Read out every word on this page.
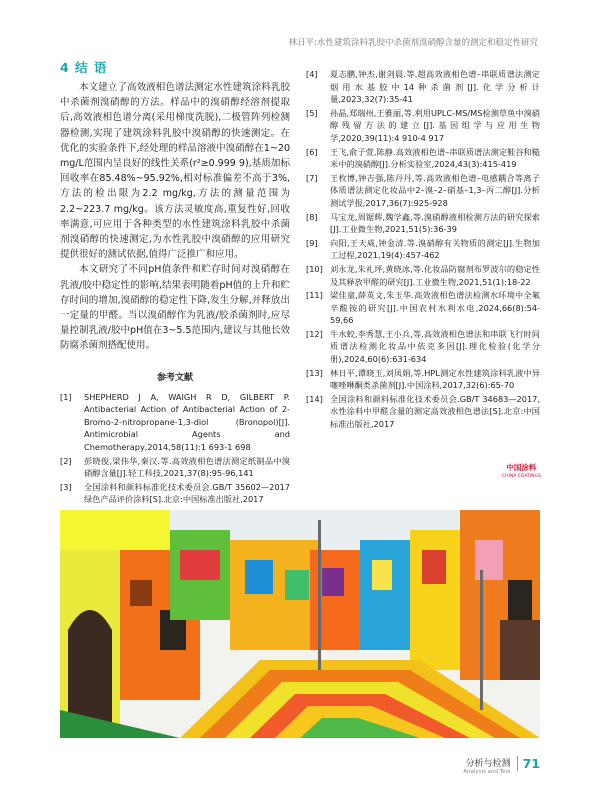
林日平:水性建筑涂料乳胶中杀菌剂溴硝醇含量的测定和稳定性研究
4 结 语

本文建立了高效液相色谱法测定水性建筑涂料乳胶中杀菌剂溴硝醇的方法。样品中的溴硝醇经溶剂提取后,高效液相色谱分离(采用梯度洗脱),二极管阵列检测器检测,实现了建筑涂料乳胶中溴硝醇的快速测定。在优化的实验条件下,经处理的样品溶液中溴硝醇在1~20 mg/L范围内呈良好的线性关系(r²≥0.999 9),基质加标回收率在85.48%~95.92%,相对标准偏差不高于3%,方法的检出限为2.2 mg/kg,方法的测量范围为2.2~223.7 mg/kg。该方法灵敏度高,重复性好,回收率满意,可应用于各种类型的水性建筑涂料乳胶中杀菌剂溴硝醇的快速测定,为水性乳胶中溴硝醇的应用研究提供很好的测试依据,值得广泛推广和应用。

本文研究了不同pH值条件和贮存时间对溴硝醇在乳液/胶中稳定性的影响,结果表明随着pH值的上升和贮存时间的增加,溴硝醇的稳定性下降,发生分解,并释放出一定量的甲醛。当以溴硝醇作为乳液/胶杀菌剂时,应尽量控制乳液/胶中pH值在3~5.5范围内,建议与其他长效防腐杀菌剂搭配使用。

参考文献
[1]	SHEPHERD J A, WAIGH R D, GILBERT P. Antibacterial Action of Antibacterial Action of 2-Bromo-2-nitropropane-1,3-diol (Bronopol)[J]. Antimicrobial Agents and Chemotherapy,2014,58(11):1 693-1 698
[2]	彭晓俊,梁伟华,秦汉.等.高效液相色谱法测定纸制品中溴硝醇含量[J].轻工科技,2021,37(8):95-96,141
[3]	全国涂料和颜料标准化技术委员会.GB/T 35602—2017绿色产品评价涂料[S].北京:中国标准出版社,2017
[4]	夏志鹏,钟杰,谢剑晨.等.超高效液相色谱–串联质谱法测定烟用水基胶中14种杀菌剂[J].化学分析计量,2023,32(7):35-41
[5]	孙晶,郑瑞州,王雅丽,等.利用UPLC-MS/MS检测草鱼中溴硝醇残留方法的建立[J].基因组学与应用生物学,2020,39(11):4 910-4 917
[6]	王飞,俞子萱,陈静.高效液相色谱–串联质谱法测定鞋谷和糙米中的溴硝醇[J].分析实验室,2024,43(3):415-419
[7]	王枚博,钟吉强,陈丹丹,等.高效液相色谱–电感耦合等离子体质谱法测定化妆品中2–溴–2–硝基–1,3–丙二醇[J].分析测试学报,2017,36(7):925-928
[8]	马宝龙,周锯辉,魏学鑫,等.溴硝醇液相检测方法的研究探索[J].工业微生物,2021,51(5):36-39
[9]	向阳,王天威,钟金清.等.溴硝醇有关物质的测定[J].生物加工过程,2021,19(4):457-462
[10] 刘永龙,朱礼坪,黄晓冰,等.化妆品防腐剂布罗波尔的稳定性及其释放甲醛的研究[J].工业微生物,2021,51(1):18-22
[11] 梁佳童,薛英文,朱玉华.高效液相色谱法检测水环境中全氟辛酸铵的研究[J].中国农村水利水电,2024,66(8):54-59,66
[12] 牛水蛟,李秀慧,王小兵,等.高效液相色谱法和串联飞行时间质谱法检测化妆品中依克多因[J].理化检验(化学分册),2024,60(6):631-634
[13] 林日平,谭晓玉,刘凤娟,等.HPL测定水性建筑涂料乳液中异噻唑啉酮类杀菌剂[J].中国涂料,2017,32(6):65-70
[14] 全国涂料和颜料标准化技术委员会.GB/T 34683—2017,水性涂料中甲醛含量的测定高效液相色谱法[S].北京:中国标准出版社,2017
中国涂料
CHINA COATINGS
分析与检测
Analysis and Test
71
